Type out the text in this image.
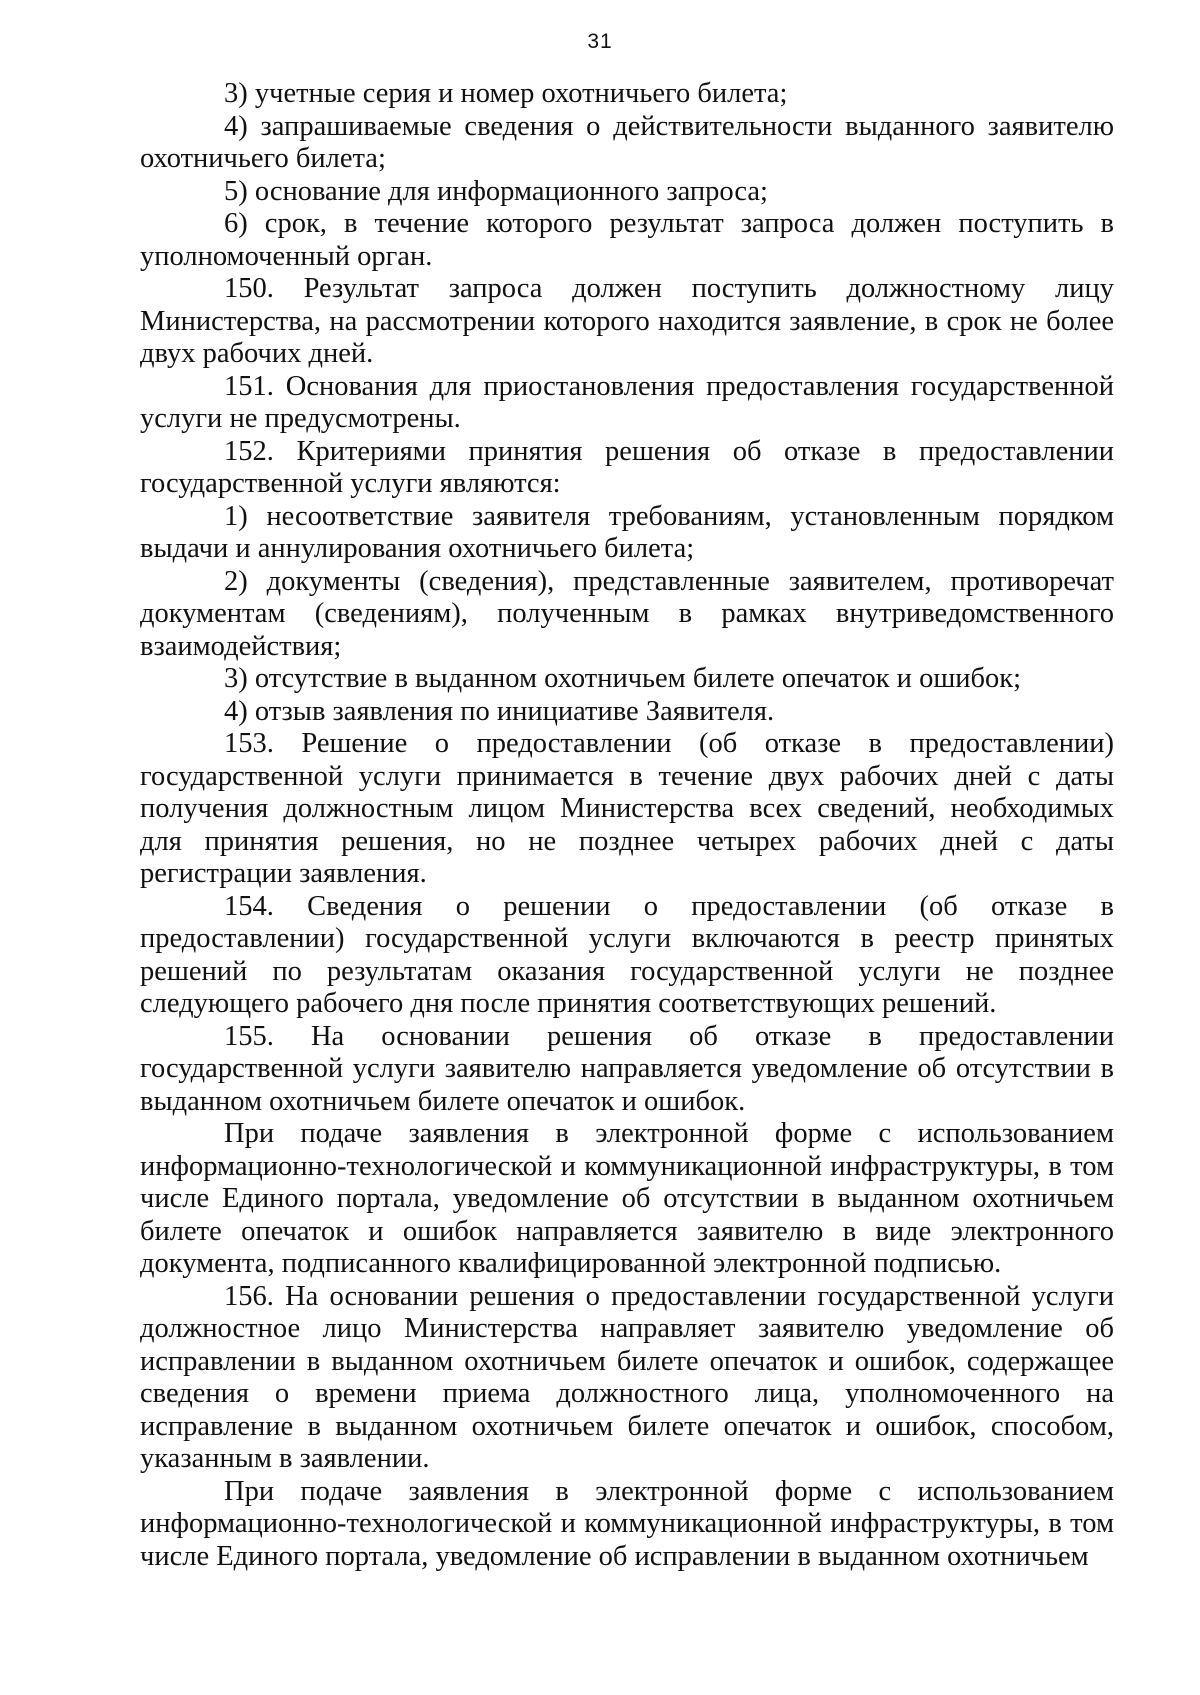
31

3) учетные серия и номер охотничьего билета;

4) запрашиваемые сведения о действительности выданного заявителю охотничьего билета;

5) основание для информационного запроса;

6) срок, в течение которого результат запроса должен поступить в уполномоченный орган.

150. Результат запроса должен поступить должностному лицу Министерства, на рассмотрении которого находится заявление, в срок не более двух рабочих дней.

151. Основания для приостановления предоставления государственной услуги не предусмотрены.

152. Критериями принятия решения об отказе в предоставлении государственной услуги являются:

1) несоответствие заявителя требованиям, установленным порядком выдачи и аннулирования охотничьего билета;

2) документы (сведения), представленные заявителем, противоречат документам (сведениям), полученным в рамках внутриведомственного взаимодействия;

3) отсутствие в выданном охотничьем билете опечаток и ошибок;

4) отзыв заявления по инициативе Заявителя.

153. Решение о предоставлении (об отказе в предоставлении) государственной услуги принимается в течение двух рабочих дней с даты получения должностным лицом Министерства всех сведений, необходимых для принятия решения, но не позднее четырех рабочих дней с даты регистрации заявления.

154. Сведения о решении о предоставлении (об отказе в предоставлении) государственной услуги включаются в реестр принятых решений по результатам оказания государственной услуги не позднее следующего рабочего дня после принятия соответствующих решений.

155. На основании решения об отказе в предоставлении государственной услуги заявителю направляется уведомление об отсутствии в выданном охотничьем билете опечаток и ошибок.

При подаче заявления в электронной форме с использованием информационно-технологической и коммуникационной инфраструктуры, в том числе Единого портала, уведомление об отсутствии в выданном охотничьем билете опечаток и ошибок направляется заявителю в виде электронного документа, подписанного квалифицированной электронной подписью.

156. На основании решения о предоставлении государственной услуги должностное лицо Министерства направляет заявителю уведомление об исправлении в выданном охотничьем билете опечаток и ошибок, содержащее сведения о времени приема должностного лица, уполномоченного на исправление в выданном охотничьем билете опечаток и ошибок, способом, указанным в заявлении.

При подаче заявления в электронной форме с использованием информационно-технологической и коммуникационной инфраструктуры, в том числе Единого портала, уведомление об исправлении в выданном охотничьем
